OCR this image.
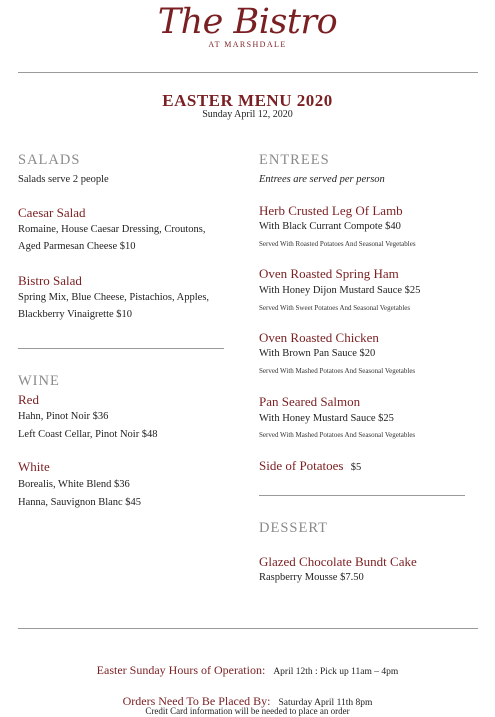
The Bistro
AT MARSHDALE
EASTER MENU 2020
Sunday April 12, 2020
SALADS
Salads serve 2 people
Caesar Salad
Romaine, House Caesar Dressing, Croutons,
Aged Parmesan Cheese $10
Bistro Salad
Spring Mix, Blue Cheese, Pistachios, Apples,
Blackberry Vinaigrette $10
WINE
Red
Hahn, Pinot Noir $36
Left Coast Cellar, Pinot Noir $48
White
Borealis, White Blend $36
Hanna, Sauvignon Blanc $45
ENTREES
Entrees are served per person
Herb Crusted Leg Of Lamb
With Black Currant Compote $40
Served With Roasted Potatoes And Seasonal Vegetables
Oven Roasted Spring Ham
With Honey Dijon Mustard Sauce $25
Served With Sweet Potatoes And Seasonal Vegetables
Oven Roasted Chicken
With Brown Pan Sauce $20
Served With Mashed Potatoes And Seasonal Vegetables
Pan Seared Salmon
With Honey Mustard Sauce $25
Served With Mashed Potatoes And Seasonal Vegetables
Side of Potatoes $5
DESSERT
Glazed Chocolate Bundt Cake
Raspberry Mousse $7.50
Easter Sunday Hours of Operation: April 12th : Pick up 11am – 4pm
Orders Need To Be Placed By: Saturday April 11th 8pm
Credit Card information will be needed to place an order
